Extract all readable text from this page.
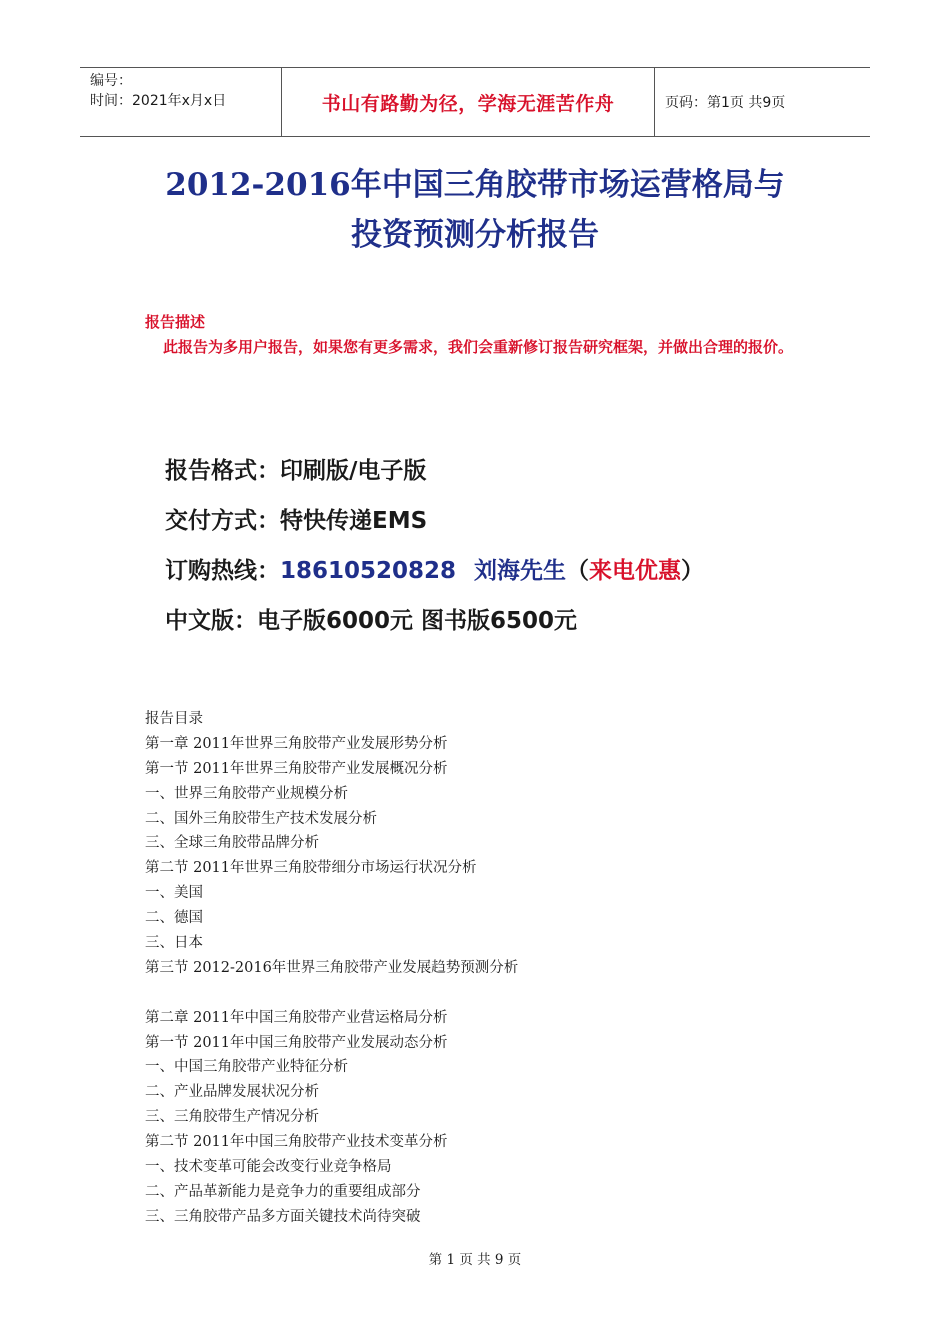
编号：
时间：2021年x月x日	书山有路勤为径，学海无涯苦作舟	页码：第1页 共9页
2012-2016年中国三角胶带市场运营格局与
投资预测分析报告
报告描述
此报告为多用户报告，如果您有更多需求，我们会重新修订报告研究框架，并做出合理的报价。
报告格式：印刷版/电子版
交付方式：特快传递EMS
订购热线：18610520828 刘海先生（来电优惠）
中文版：电子版6000元 图书版6500元
报告目录
第一章 2011年世界三角胶带产业发展形势分析
第一节 2011年世界三角胶带产业发展概况分析
一、世界三角胶带产业规模分析
二、国外三角胶带生产技术发展分析
三、全球三角胶带品牌分析
第二节 2011年世界三角胶带细分市场运行状况分析
一、美国
二、德国
三、日本
第三节 2012-2016年世界三角胶带产业发展趋势预测分析
第二章 2011年中国三角胶带产业营运格局分析
第一节 2011年中国三角胶带产业发展动态分析
一、中国三角胶带产业特征分析
二、产业品牌发展状况分析
三、三角胶带生产情况分析
第二节 2011年中国三角胶带产业技术变革分析
一、技术变革可能会改变行业竞争格局
二、产品革新能力是竞争力的重要组成部分
三、三角胶带产品多方面关键技术尚待突破
第 1 页 共 9 页
